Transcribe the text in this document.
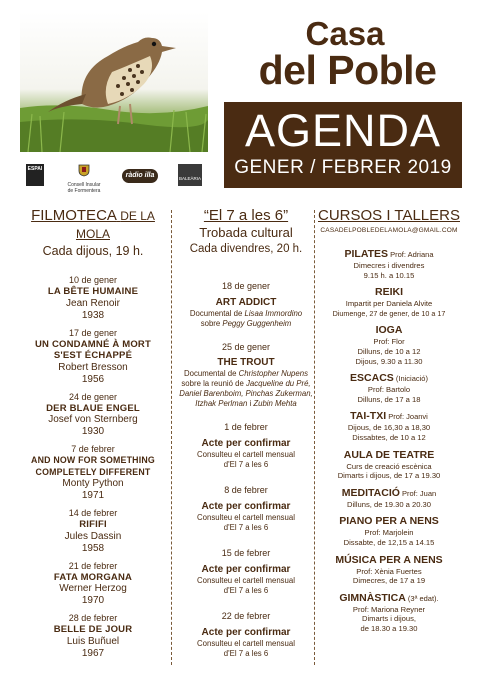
Casa
del Poble
AGENDA
GENER / FEBRER 2019
ESPAI
Consell Insular de Formentera
ràdio illa	BALEÀRIA
FILMOTECA DE LA MOLA
Cada dijous, 19 h.
10 de gener
LA BÊTE HUMAINE
Jean Renoir
1938
17 de gener
UN CONDAMNÉ À MORT S'EST ÉCHAPPÉ
Robert Bresson
1956
24 de gener
DER BLAUE ENGEL
Josef von Sternberg
1930
7 de febrer
AND NOW FOR SOMETHING COMPLETELY DIFFERENT
Monty Python
1971
14 de febrer
RIFIFI
Jules Dassin
1958
21 de febrer
FATA MORGANA
Werner Herzog
1970
28 de febrer
BELLE DE JOUR
Luis Buñuel
1967
“El 7 a les 6”
Trobada cultural
Cada divendres, 20 h.
18 de gener
ART ADDICT
Documental de Lisaa Immordino
sobre Peggy Guggenheim
25 de gener
THE TROUT
Documental de Christopher Nupens
sobre la reunió de Jacqueline du Pré,
Daniel Barenboim, Pinchas Zukerman,
Itzhak Perlman i Zubin Mehta
1 de febrer
Acte per confirmar
Consulteu el cartell mensual
d'El 7 a les 6
8 de febrer
Acte per confirmar
Consulteu el cartell mensual
d'El 7 a les 6
15 de febrer
Acte per confirmar
Consulteu el cartell mensual
d'El 7 a les 6
22 de febrer
Acte per confirmar
Consulteu el cartell mensual
d'El 7 a les 6
CURSOS I TALLERS
CASADELPOBLEDELAMOLA@GMAIL.COM
PILATES Prof: Adriana
Dimecres i divendres
9.15 h. a 10.15
REIKI
Impartit per Daniela Alvite
Diumenge, 27 de gener, de 10 a 17
IOGA
Prof: Flor
Dilluns, de 10 a 12
Dijous, 9.30 a 11.30
ESCACS (Iniciació)
Prof: Bartolo
Dilluns, de 17 a 18
TAI-TXI Prof: Joanvi
Dijous, de 16,30 a 18,30
Dissabtes, de 10 a 12
AULA DE TEATRE
Curs de creació escènica
Dimarts i dijous, de 17 a 19.30
MEDITACIÓ Prof: Juan
Dilluns, de 19.30 a 20.30
PIANO PER A NENS
Prof: Marjolein
Dissabte, de 12,15 a 14.15
MÚSICA PER A NENS
Prof: Xènia Fuertes
Dimecres, de 17 a 19
GIMNÀSTICA (3ª edat).
Prof: Mariona Reyner
Dimarts i dijous,
de 18.30 a 19.30
